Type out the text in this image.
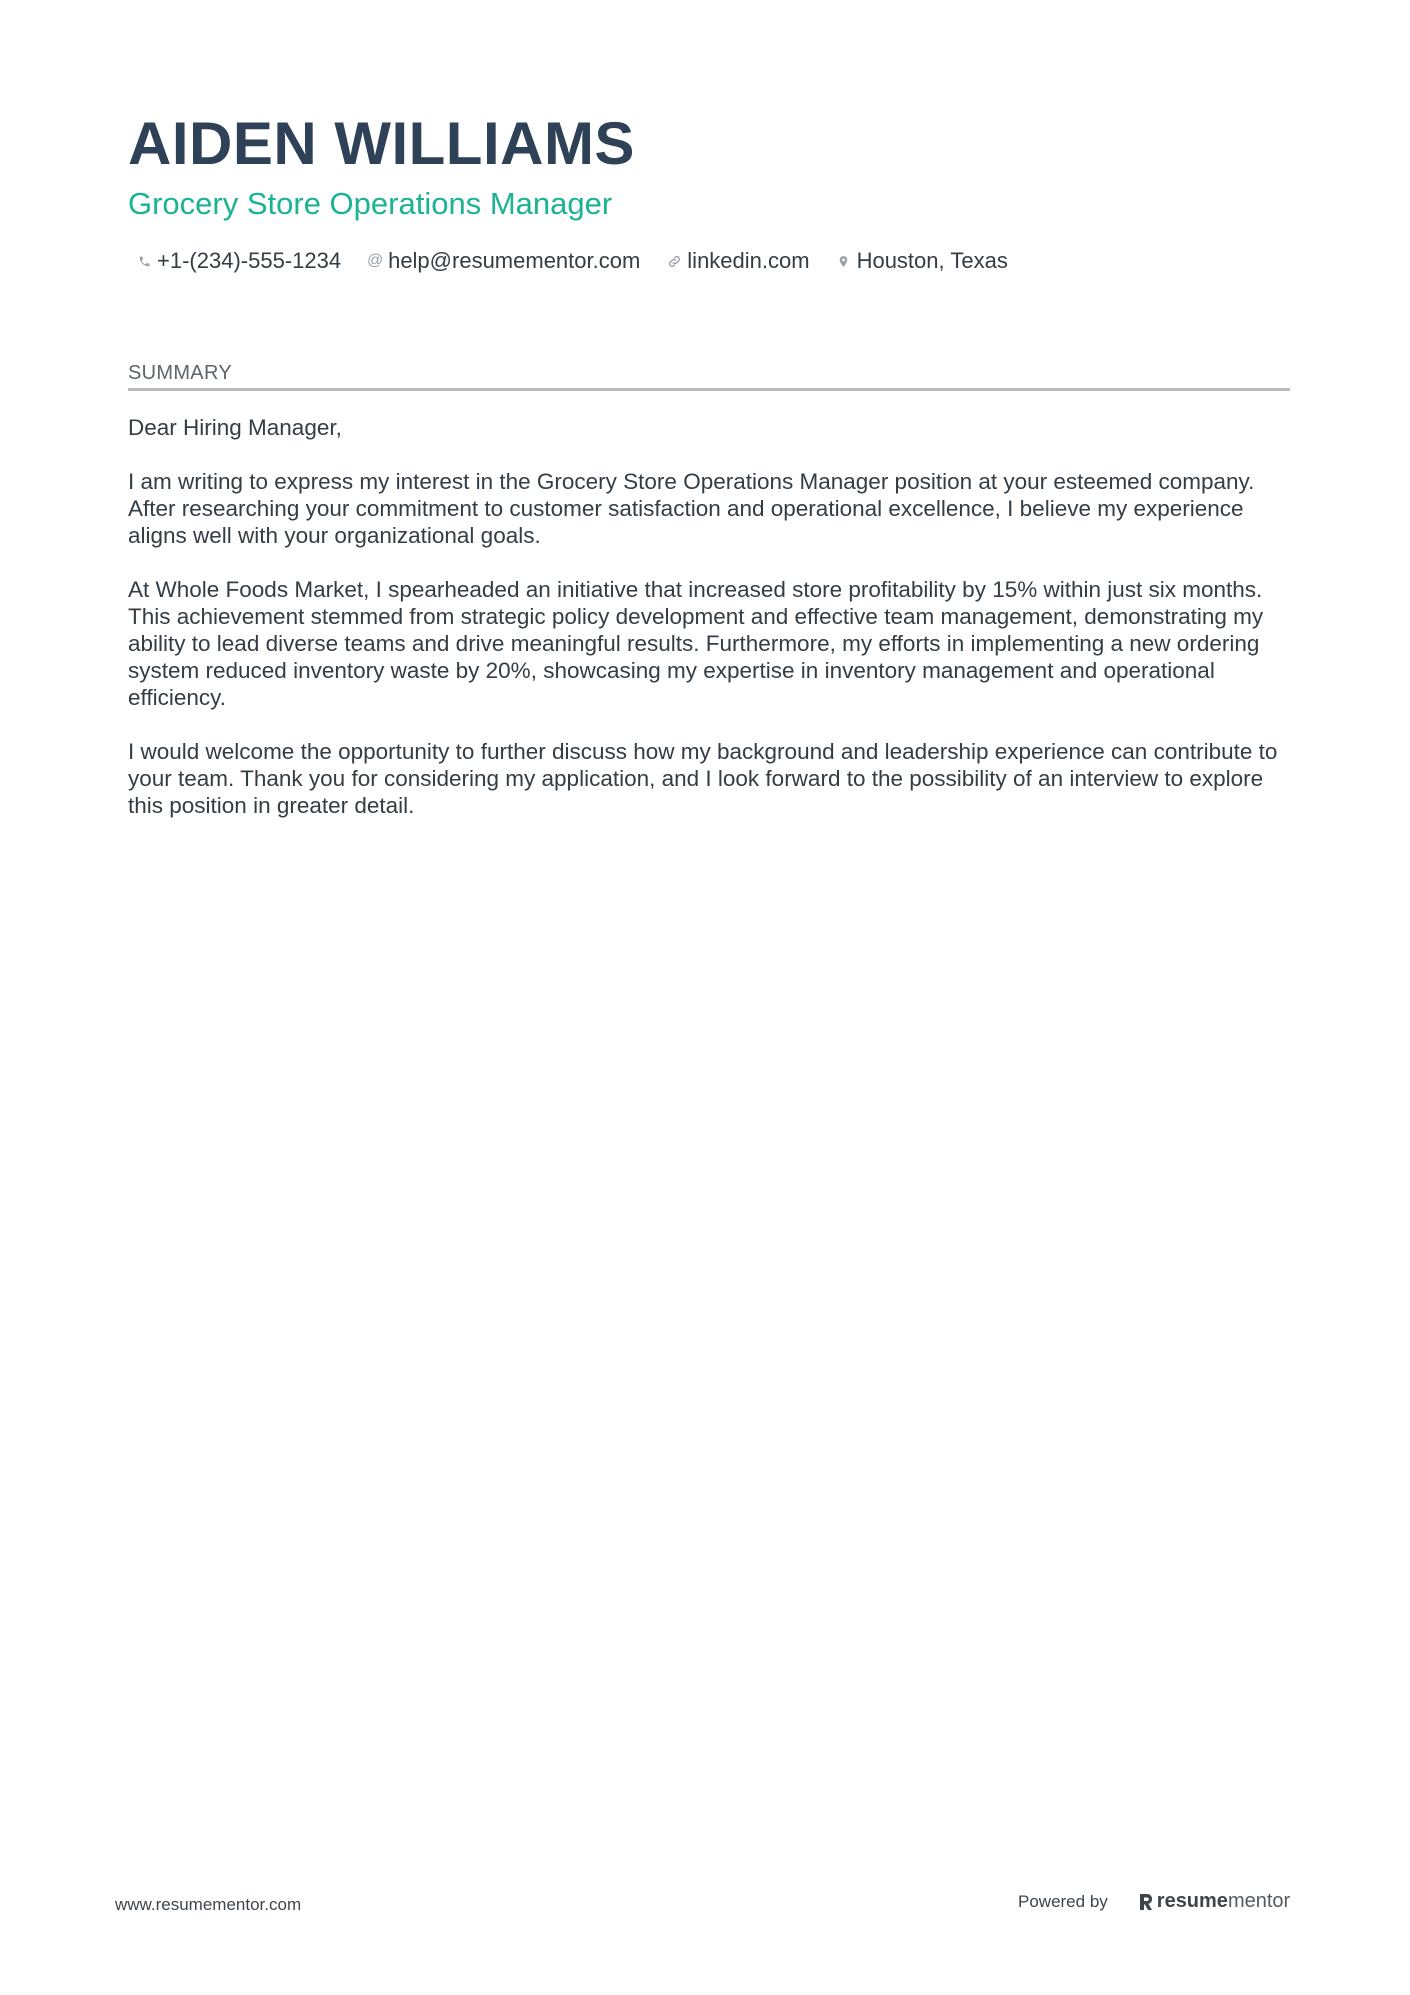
AIDEN WILLIAMS
Grocery Store Operations Manager
+1-(234)-555-1234 @ help@resumementor.com linkedin.com Houston, Texas
SUMMARY

Dear Hiring Manager,

I am writing to express my interest in the Grocery Store Operations Manager position at your esteemed company. After researching your commitment to customer satisfaction and operational excellence, I believe my experience aligns well with your organizational goals.

At Whole Foods Market, I spearheaded an initiative that increased store profitability by 15% within just six months. This achievement stemmed from strategic policy development and effective team management, demonstrating my ability to lead diverse teams and drive meaningful results. Furthermore, my efforts in implementing a new ordering system reduced inventory waste by 20%, showcasing my expertise in inventory management and operational efficiency.

I would welcome the opportunity to further discuss how my background and leadership experience can contribute to your team. Thank you for considering my application, and I look forward to the possibility of an interview to explore this position in greater detail.

www.resumementor.com	Powered by resume mentor
